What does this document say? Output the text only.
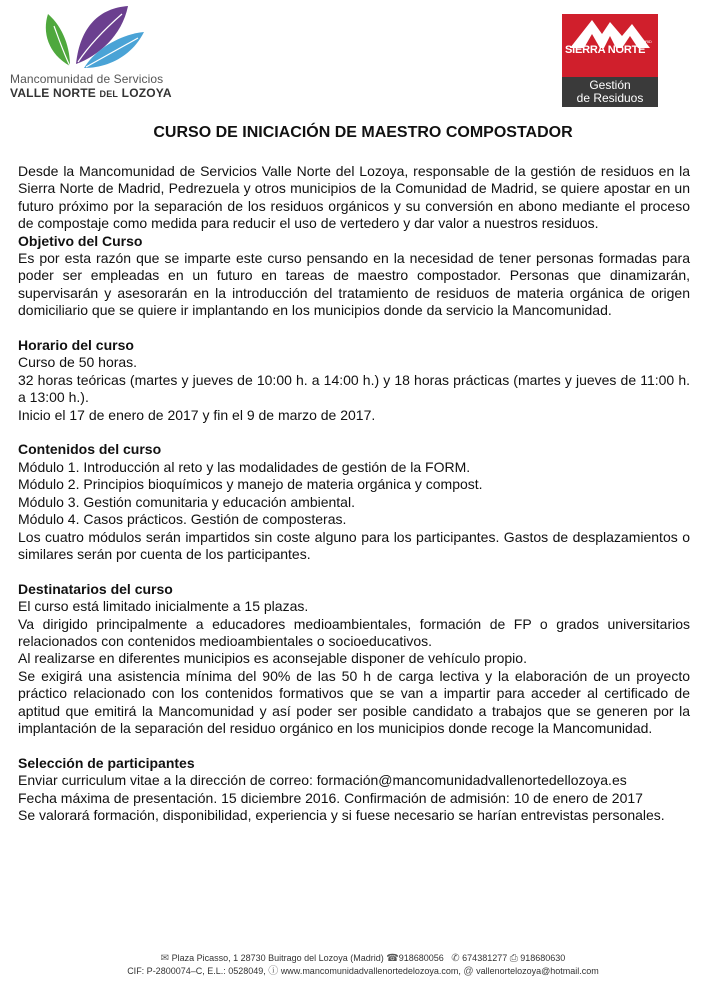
Mancomunidad de Servicios
VALLE NORTE DEL LOZOYA
SIERRA NORTE
MADRID
Gestión
de Residuos
CURSO DE INICIACIÓN DE MAESTRO COMPOSTADOR

Desde la Mancomunidad de Servicios Valle Norte del Lozoya, responsable de la gestión de residuos en la Sierra Norte de Madrid, Pedrezuela y otros municipios de la Comunidad de Madrid, se quiere apostar en un futuro próximo por la separación de los residuos orgánicos y su conversión en abono mediante el proceso de compostaje como medida para reducir el uso de vertedero y dar valor a nuestros residuos.

Objetivo del Curso

Es por esta razón que se imparte este curso pensando en la necesidad de tener personas formadas para poder ser empleadas en un futuro en tareas de maestro compostador. Personas que dinamizarán, supervisarán y asesorarán en la introducción del tratamiento de residuos de materia orgánica de origen domiciliario que se quiere ir implantando en los municipios donde da servicio la Mancomunidad.

Horario del curso

Curso de 50 horas.

32 horas teóricas (martes y jueves de 10:00 h. a 14:00 h.) y 18 horas prácticas (martes y jueves de 11:00 h. a 13:00 h.).

Inicio el 17 de enero de 2017 y fin el 9 de marzo de 2017.

Contenidos del curso

Módulo 1. Introducción al reto y las modalidades de gestión de la FORM.

Módulo 2. Principios bioquímicos y manejo de materia orgánica y compost.

Módulo 3. Gestión comunitaria y educación ambiental.

Módulo 4. Casos prácticos. Gestión de composteras.

Los cuatro módulos serán impartidos sin coste alguno para los participantes. Gastos de desplazamientos o similares serán por cuenta de los participantes.

Destinatarios del curso

El curso está limitado inicialmente a 15 plazas.

Va dirigido principalmente a educadores medioambientales, formación de FP o grados universitarios relacionados con contenidos medioambientales o socioeducativos.

Al realizarse en diferentes municipios es aconsejable disponer de vehículo propio.

Se exigirá una asistencia mínima del 90% de las 50 h de carga lectiva y la elaboración de un proyecto práctico relacionado con los contenidos formativos que se van a impartir para acceder al certificado de aptitud que emitirá la Mancomunidad y así poder ser posible candidato a trabajos que se generen por la implantación de la separación del residuo orgánico en los municipios donde recoge la Mancomunidad.

Selección de participantes

Enviar curriculum vitae a la dirección de correo: formación@mancomunidadvallenortedellozoya.es

Fecha máxima de presentación. 15 diciembre 2016. Confirmación de admisión: 10 de enero de 2017

Se valorará formación, disponibilidad, experiencia y si fuese necesario se harían entrevistas personales.

✉ Plaza Picasso, 1 28730 Buitrago del Lozoya (Madrid) ☎918680056 ✆ 674381277 ⎙ 918680630
CIF: P-2800074–C, E.L.: 0528049, ⓘ www.mancomunidadvallenortedelozoya.com, @ vallenortelozoya@hotmail.com
